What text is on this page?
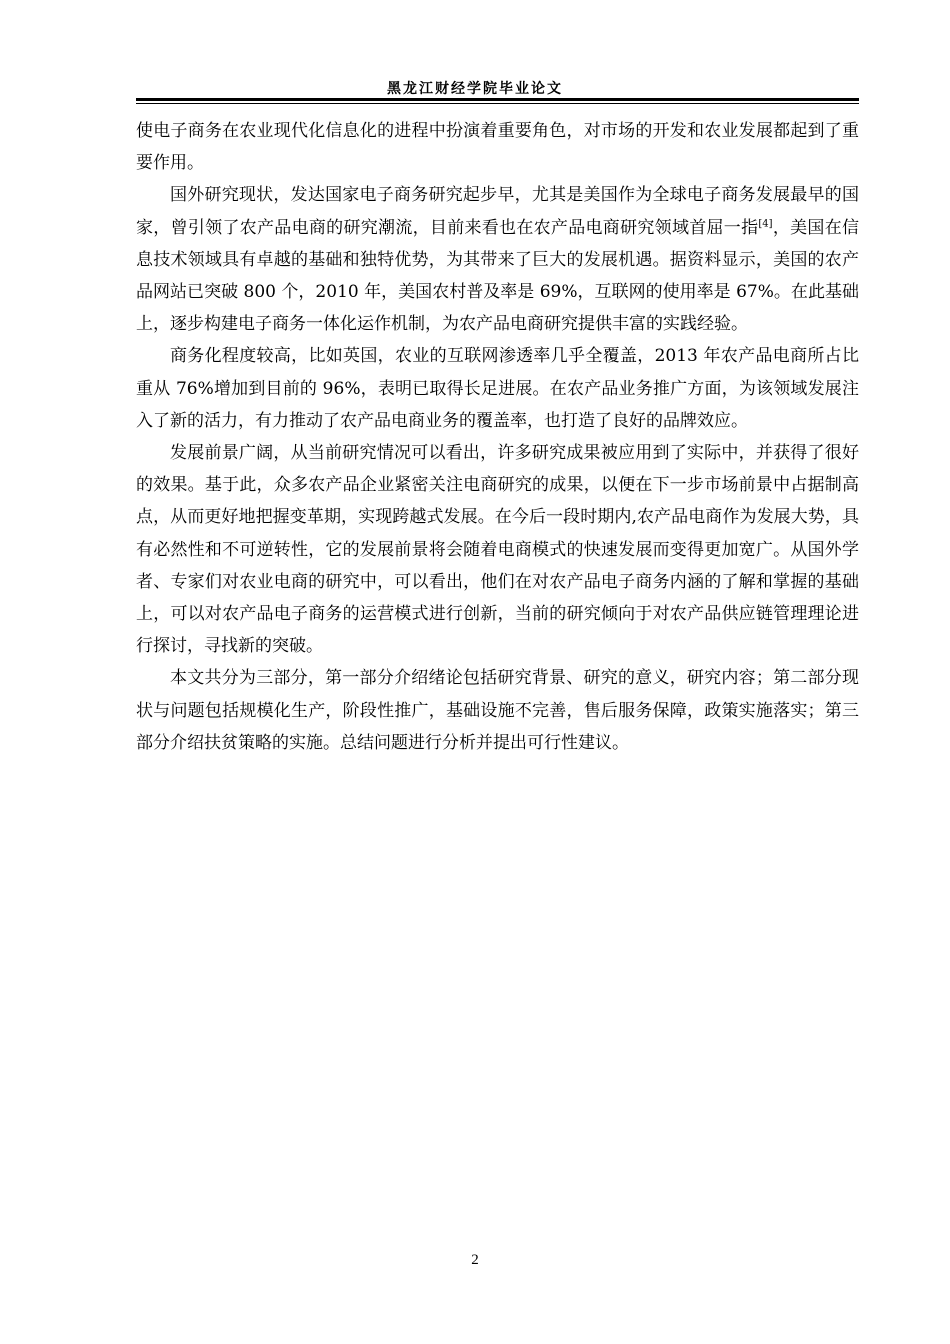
黑龙江财经学院毕业论文

使电子商务在农业现代化信息化的进程中扮演着重要角色，对市场的开发和农业发展都起到了重要作用。

国外研究现状，发达国家电子商务研究起步早，尤其是美国作为全球电子商务发展最早的国家，曾引领了农产品电商的研究潮流，目前来看也在农产品电商研究领域首屈一指[4]，美国在信息技术领域具有卓越的基础和独特优势，为其带来了巨大的发展机遇。据资料显示，美国的农产品网站已突破 800 个，2010 年，美国农村普及率是 69%，互联网的使用率是 67%。在此基础上，逐步构建电子商务一体化运作机制，为农产品电商研究提供丰富的实践经验。

商务化程度较高，比如英国，农业的互联网渗透率几乎全覆盖，2013 年农产品电商所占比重从 76%增加到目前的 96%，表明已取得长足进展。在农产品业务推广方面，为该领域发展注入了新的活力，有力推动了农产品电商业务的覆盖率，也打造了良好的品牌效应。

发展前景广阔，从当前研究情况可以看出，许多研究成果被应用到了实际中，并获得了很好的效果。基于此，众多农产品企业紧密关注电商研究的成果，以便在下一步市场前景中占据制高点，从而更好地把握变革期，实现跨越式发展。在今后一段时期内,农产品电商作为发展大势，具有必然性和不可逆转性，它的发展前景将会随着电商模式的快速发展而变得更加宽广。从国外学者、专家们对农业电商的研究中，可以看出，他们在对农产品电子商务内涵的了解和掌握的基础上，可以对农产品电子商务的运营模式进行创新，当前的研究倾向于对农产品供应链管理理论进行探讨，寻找新的突破。

本文共分为三部分，第一部分介绍绪论包括研究背景、研究的意义，研究内容；第二部分现状与问题包括规模化生产，阶段性推广，基础设施不完善，售后服务保障，政策实施落实；第三部分介绍扶贫策略的实施。总结问题进行分析并提出可行性建议。

2
